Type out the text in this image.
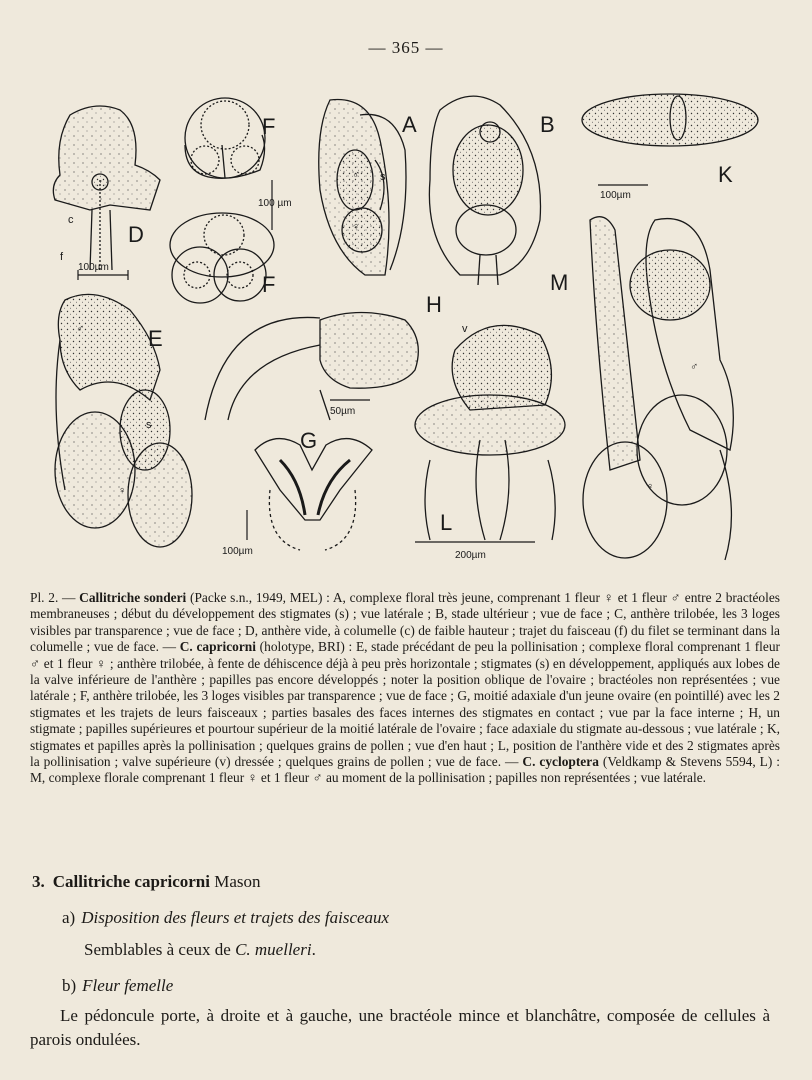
— 365 —
F	A	B
D
K
F
H
M
E
G
L
100µm
100 µm
100µm
50µm
100µm	200µm
♂ s
♀
c
f
♂
s
♀
v
♂
♀
Pl. 2. — Callitriche sonderi (Packe s.n., 1949, MEL) : A, complexe floral très jeune, comprenant 1 fleur ♀ et 1 fleur ♂ entre 2 bractéoles membraneuses ; début du développement des stigmates (s) ; vue latérale ; B, stade ultérieur ; vue de face ; C, anthère trilobée, les 3 loges visibles par transparence ; vue de face ; D, anthère vide, à columelle (c) de faible hauteur ; trajet du faisceau (f) du filet se terminant dans la columelle ; vue de face. — C. capricorni (holotype, BRI) : E, stade précédant de peu la pollinisation ; complexe floral comprenant 1 fleur ♂ et 1 fleur ♀ ; anthère trilobée, à fente de déhiscence déjà à peu près horizontale ; stigmates (s) en développement, appliqués aux lobes de la valve inférieure de l'anthère ; papilles pas encore développés ; noter la position oblique de l'ovaire ; bractéoles non représentées ; vue latérale ; F, anthère trilobée, les 3 loges visibles par transparence ; vue de face ; G, moitié adaxiale d'un jeune ovaire (en pointillé) avec les 2 stigmates et les trajets de leurs faisceaux ; parties basales des faces internes des stigmates en contact ; vue par la face interne ; H, un stigmate ; papilles supérieures et pourtour supérieur de la moitié latérale de l'ovaire ; face adaxiale du stigmate au-dessous ; vue latérale ; K, stigmates et papilles après la pollinisation ; quelques grains de pollen ; vue d'en haut ; L, position de l'anthère vide et des 2 stigmates après la pollinisation ; valve supérieure (v) dressée ; quelques grains de pollen ; vue de face. — C. cycloptera (Veldkamp & Stevens 5594, L) : M, complexe florale comprenant 1 fleur ♀ et 1 fleur ♂ au moment de la pollinisation ; papilles non représentées ; vue latérale.
3. Callitriche capricorni Mason
a) Disposition des fleurs et trajets des faisceaux
Semblables à ceux de C. muelleri.
b) Fleur femelle
Le pédoncule porte, à droite et à gauche, une bractéole mince et blanchâtre, composée de cellules à parois ondulées.
